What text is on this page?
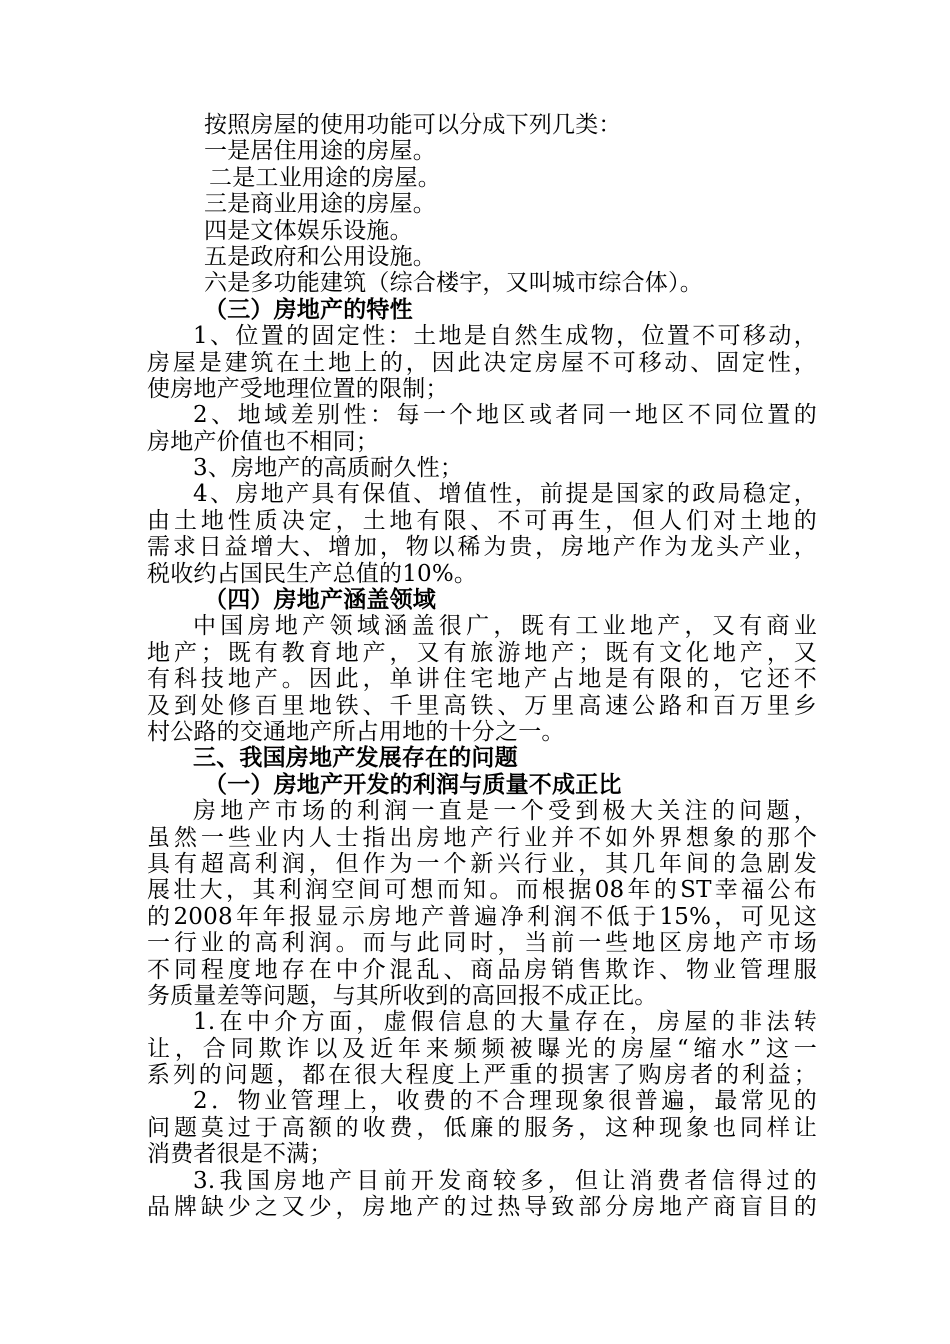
按照房屋的使用功能可以分成下列几类：
一是居住用途的房屋。
二是工业用途的房屋。
三是商业用途的房屋。
四是文体娱乐设施。
五是政府和公用设施。
六是多功能建筑（综合楼宇，又叫城市综合体）。
（三）房地产的特性
1、位置的固定性：土地是自然生成物，位置不可移动，
房屋是建筑在土地上的，因此决定房屋不可移动、固定性，
使房地产受地理位置的限制；
2、地域差别性：每一个地区或者同一地区不同位置的
房地产价值也不相同；
3、房地产的高质耐久性；
4、房地产具有保值、增值性，前提是国家的政局稳定，
由土地性质决定，土地有限、不可再生，但人们对土地的
需求日益增大、增加，物以稀为贵，房地产作为龙头产业，
税收约占国民生产总值的10%。
（四）房地产涵盖领域
中国房地产领域涵盖很广，既有工业地产，又有商业
地产；既有教育地产，又有旅游地产；既有文化地产，又
有科技地产。因此，单讲住宅地产占地是有限的，它还不
及到处修百里地铁、千里高铁、万里高速公路和百万里乡
村公路的交通地产所占用地的十分之一。
三、我国房地产发展存在的问题
（一）房地产开发的利润与质量不成正比
房地产市场的利润一直是一个受到极大关注的问题，
虽然一些业内人士指出房地产行业并不如外界想象的那个
具有超高利润，但作为一个新兴行业，其几年间的急剧发
展壮大，其利润空间可想而知。而根据08年的ST幸福公布
的2008年年报显示房地产普遍净利润不低于15%，可见这
一行业的高利润。而与此同时，当前一些地区房地产市场
不同程度地存在中介混乱、商品房销售欺诈、物业管理服
务质量差等问题，与其所收到的高回报不成正比。
1.在中介方面，虚假信息的大量存在，房屋的非法转
让，合同欺诈以及近年来频频被曝光的房屋“缩水”这一
系列的问题，都在很大程度上严重的损害了购房者的利益；
2．物业管理上，收费的不合理现象很普遍，最常见的
问题莫过于高额的收费，低廉的服务，这种现象也同样让
消费者很是不满；
3.我国房地产目前开发商较多，但让消费者信得过的
品牌缺少之又少，房地产的过热导致部分房地产商盲目的
